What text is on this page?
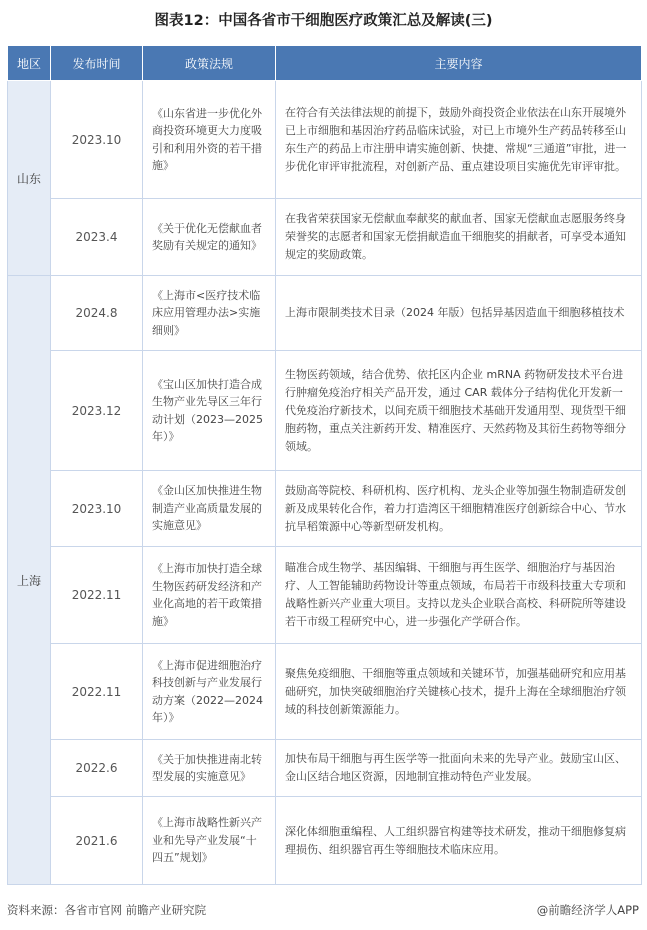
图表12：中国各省市干细胞医疗政策汇总及解读(三)
地区	发布时间	政策法规	主要内容
山东	2023.10	《山东省进一步优化外商投资环境更大力度吸引和利用外资的若干措施》	在符合有关法律法规的前提下，鼓励外商投资企业依法在山东开展境外已上市细胞和基因治疗药品临床试验，对已上市境外生产药品转移至山东生产的药品上市注册申请实施创新、快捷、常规“三通道”审批，进一步优化审评审批流程，对创新产品、重点建设项目实施优先审评审批。
	2023.4	《关于优化无偿献血者奖励有关规定的通知》	在我省荣获国家无偿献血奉献奖的献血者、国家无偿献血志愿服务终身荣誉奖的志愿者和国家无偿捐献造血干细胞奖的捐献者，可享受本通知规定的奖励政策。
上海	2024.8	《上海市<医疗技术临床应用管理办法>实施细则》	上海市限制类技术目录（2024 年版）包括异基因造血干细胞移植技术
	2023.12	《宝山区加快打造合成生物产业先导区三年行动计划（2023—2025年）》	生物医药领域，结合优势、依托区内企业 mRNA 药物研发技术平台进行肿瘤免疫治疗相关产品开发，通过 CAR 载体分子结构优化开发新一代免疫治疗新技术，以间充质干细胞技术基础开发通用型、现货型干细胞药物，重点关注新药开发、精准医疗、天然药物及其衍生药物等细分领域。
	2023.10	《金山区加快推进生物制造产业高质量发展的实施意见》	鼓励高等院校、科研机构、医疗机构、龙头企业等加强生物制造研发创新及成果转化合作，着力打造湾区干细胞精准医疗创新综合中心、节水抗旱稻策源中心等新型研发机构。
	2022.11	《上海市加快打造全球生物医药研发经济和产业化高地的若干政策措施》	瞄准合成生物学、基因编辑、干细胞与再生医学、细胞治疗与基因治疗、人工智能辅助药物设计等重点领域，布局若干市级科技重大专项和战略性新兴产业重大项目。支持以龙头企业联合高校、科研院所等建设若干市级工程研究中心，进一步强化产学研合作。
	2022.11	《上海市促进细胞治疗科技创新与产业发展行动方案（2022—2024年）》	聚焦免疫细胞、干细胞等重点领域和关键环节，加强基础研究和应用基础研究，加快突破细胞治疗关键核心技术，提升上海在全球细胞治疗领域的科技创新策源能力。
	2022.6	《关于加快推进南北转型发展的实施意见》	加快布局干细胞与再生医学等一批面向未来的先导产业。鼓励宝山区、金山区结合地区资源，因地制宜推动特色产业发展。
	2021.6	《上海市战略性新兴产业和先导产业发展“十四五”规划》	深化体细胞重编程、人工组织器官构建等技术研发，推动干细胞修复病理损伤、组织器官再生等细胞技术临床应用。
资料来源：各省市官网 前瞻产业研究院	@前瞻经济学人APP
